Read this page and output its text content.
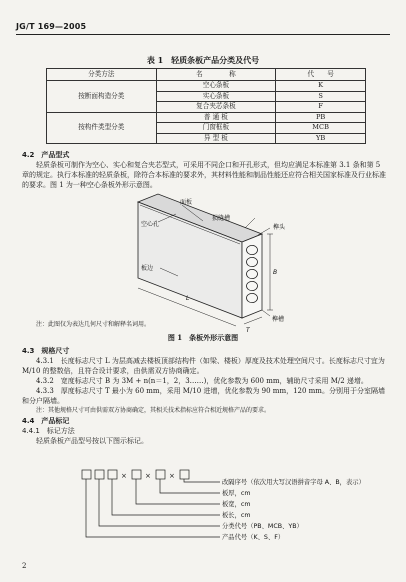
JG/T 169—2005
表 1　轻质条板产品分类及代号
分类方法	名　　　　称	代　　号
按断面构造分类	空心条板	K
	实心条板	S
	复合夹芯条板	F
按构件类型分类	普 通 板	PB
	门窗框板	MCB
	异 型 板	YB
4.2　产品型式

轻质条板可制作为空心、实心和复合夹芯型式，可采用不同企口和开孔形式，但均应满足本标准第 3.1 条和第 5 章的规定。执行本标准的轻质条板，除符合本标准的要求外，其材料性能和制品性能还应符合相关国家标准及行业标准的要求。图 1 为一种空心条板外形示意图。

面板
空心孔
损缝槽
榫头
板边
榫槽
L
B
T
注：此图仅为表达几何尺寸和解释名词用。
图 1　条板外形示意图
4.3　规格尺寸

4.3.1　长度标志尺寸 L 为层高减去楼板顶部结构件（如梁、楼板）厚度及技术处理空间尺寸。长度标志尺寸宜为 M/10 的整数倍，且符合设计要求，由供需双方协商确定。

4.3.2　宽度标志尺寸 B 为 3M + n(n＝1，2，3……)，优化参数为 600 mm，辅助尺寸采用 M/2 递增。

4.3.3　厚度标志尺寸 T 最小为 60 mm，采用 M/10 进增，优化参数为 90 mm，120 mm。分别用于分室隔墙和分户隔墙。

注：其他规格尺寸可由供需双方协商确定，其相关技术指标应符合相近规格产品的要求。

4.4　产品标记
4.4.1　标记方法

轻质条板产品型号按以下图示标记。

×	×	×
改隔序号（依次用大写汉语拼音字母 A、B，表示）
板厚，cm
板宽，cm
板长，cm
分类代号（PB、MCB、YB）
产品代号（K、S、F）
2
